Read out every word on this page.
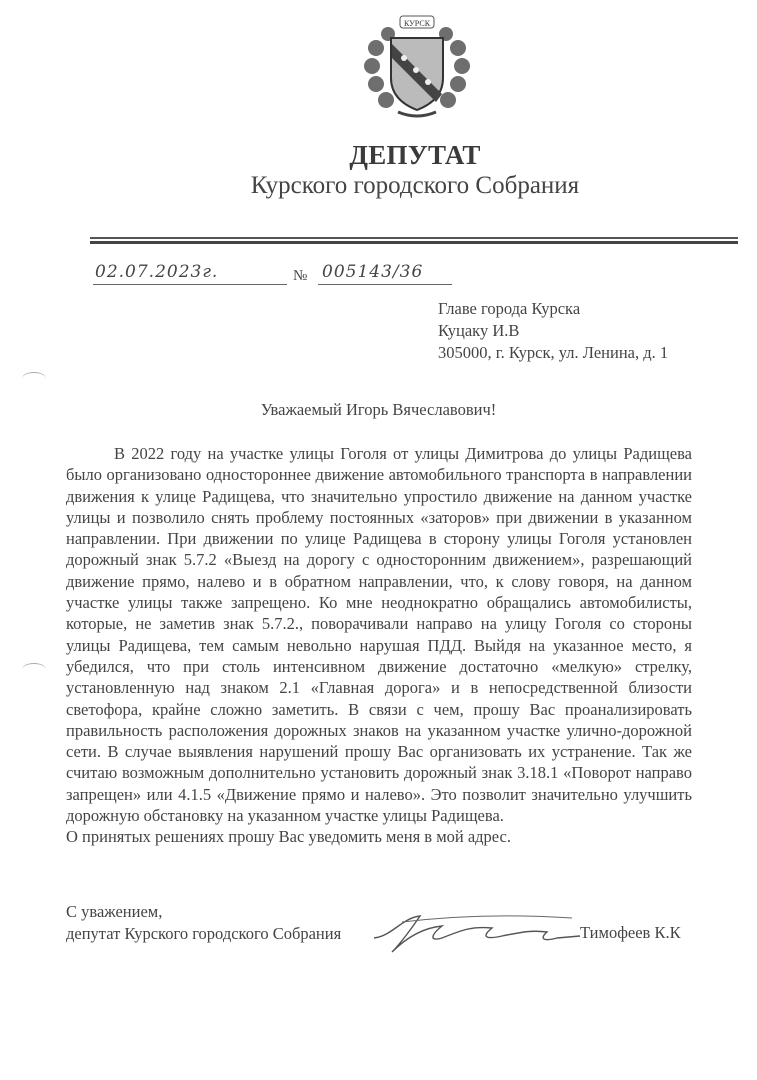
КУРСК
ДЕПУТАТ
Курского городского Собрания
02.07.2023г.	№ 005143/36
Главе города Курска
Куцаку И.В
305000, г. Курск, ул. Ленина, д. 1
Уважаемый Игорь Вячеславович!

В 2022 году на участке улицы Гоголя от улицы Димитрова до улицы Радищева было организовано одностороннее движение автомобильного транспорта в направлении движения к улице Радищева, что значительно упростило движение на данном участке улицы и позволило снять проблему постоянных «заторов» при движении в указанном направлении. При движении по улице Радищева в сторону улицы Гоголя установлен дорожный знак 5.7.2 «Выезд на дорогу с односторонним движением», разрешающий движение прямо, налево и в обратном направлении, что, к слову говоря, на данном участке улицы также запрещено. Ко мне неоднократно обращались автомобилисты, которые, не заметив знак 5.7.2., поворачивали направо на улицу Гоголя со стороны улицы Радищева, тем самым невольно нарушая ПДД. Выйдя на указанное место, я убедился, что при столь интенсивном движение достаточно «мелкую» стрелку, установленную над знаком 2.1 «Главная дорога» и в непосредственной близости светофора, крайне сложно заметить. В связи с чем, прошу Вас проанализировать правильность расположения дорожных знаков на указанном участке улично-дорожной сети. В случае выявления нарушений прошу Вас организовать их устранение. Так же считаю возможным дополнительно установить дорожный знак 3.18.1 «Поворот направо запрещен» или 4.1.5 «Движение прямо и налево». Это позволит значительно улучшить дорожную обстановку на указанном участке улицы Радищева.

О принятых решениях прошу Вас уведомить меня в мой адрес.

С уважением,
депутат Курского городского Собрания	Тимофеев К.К
